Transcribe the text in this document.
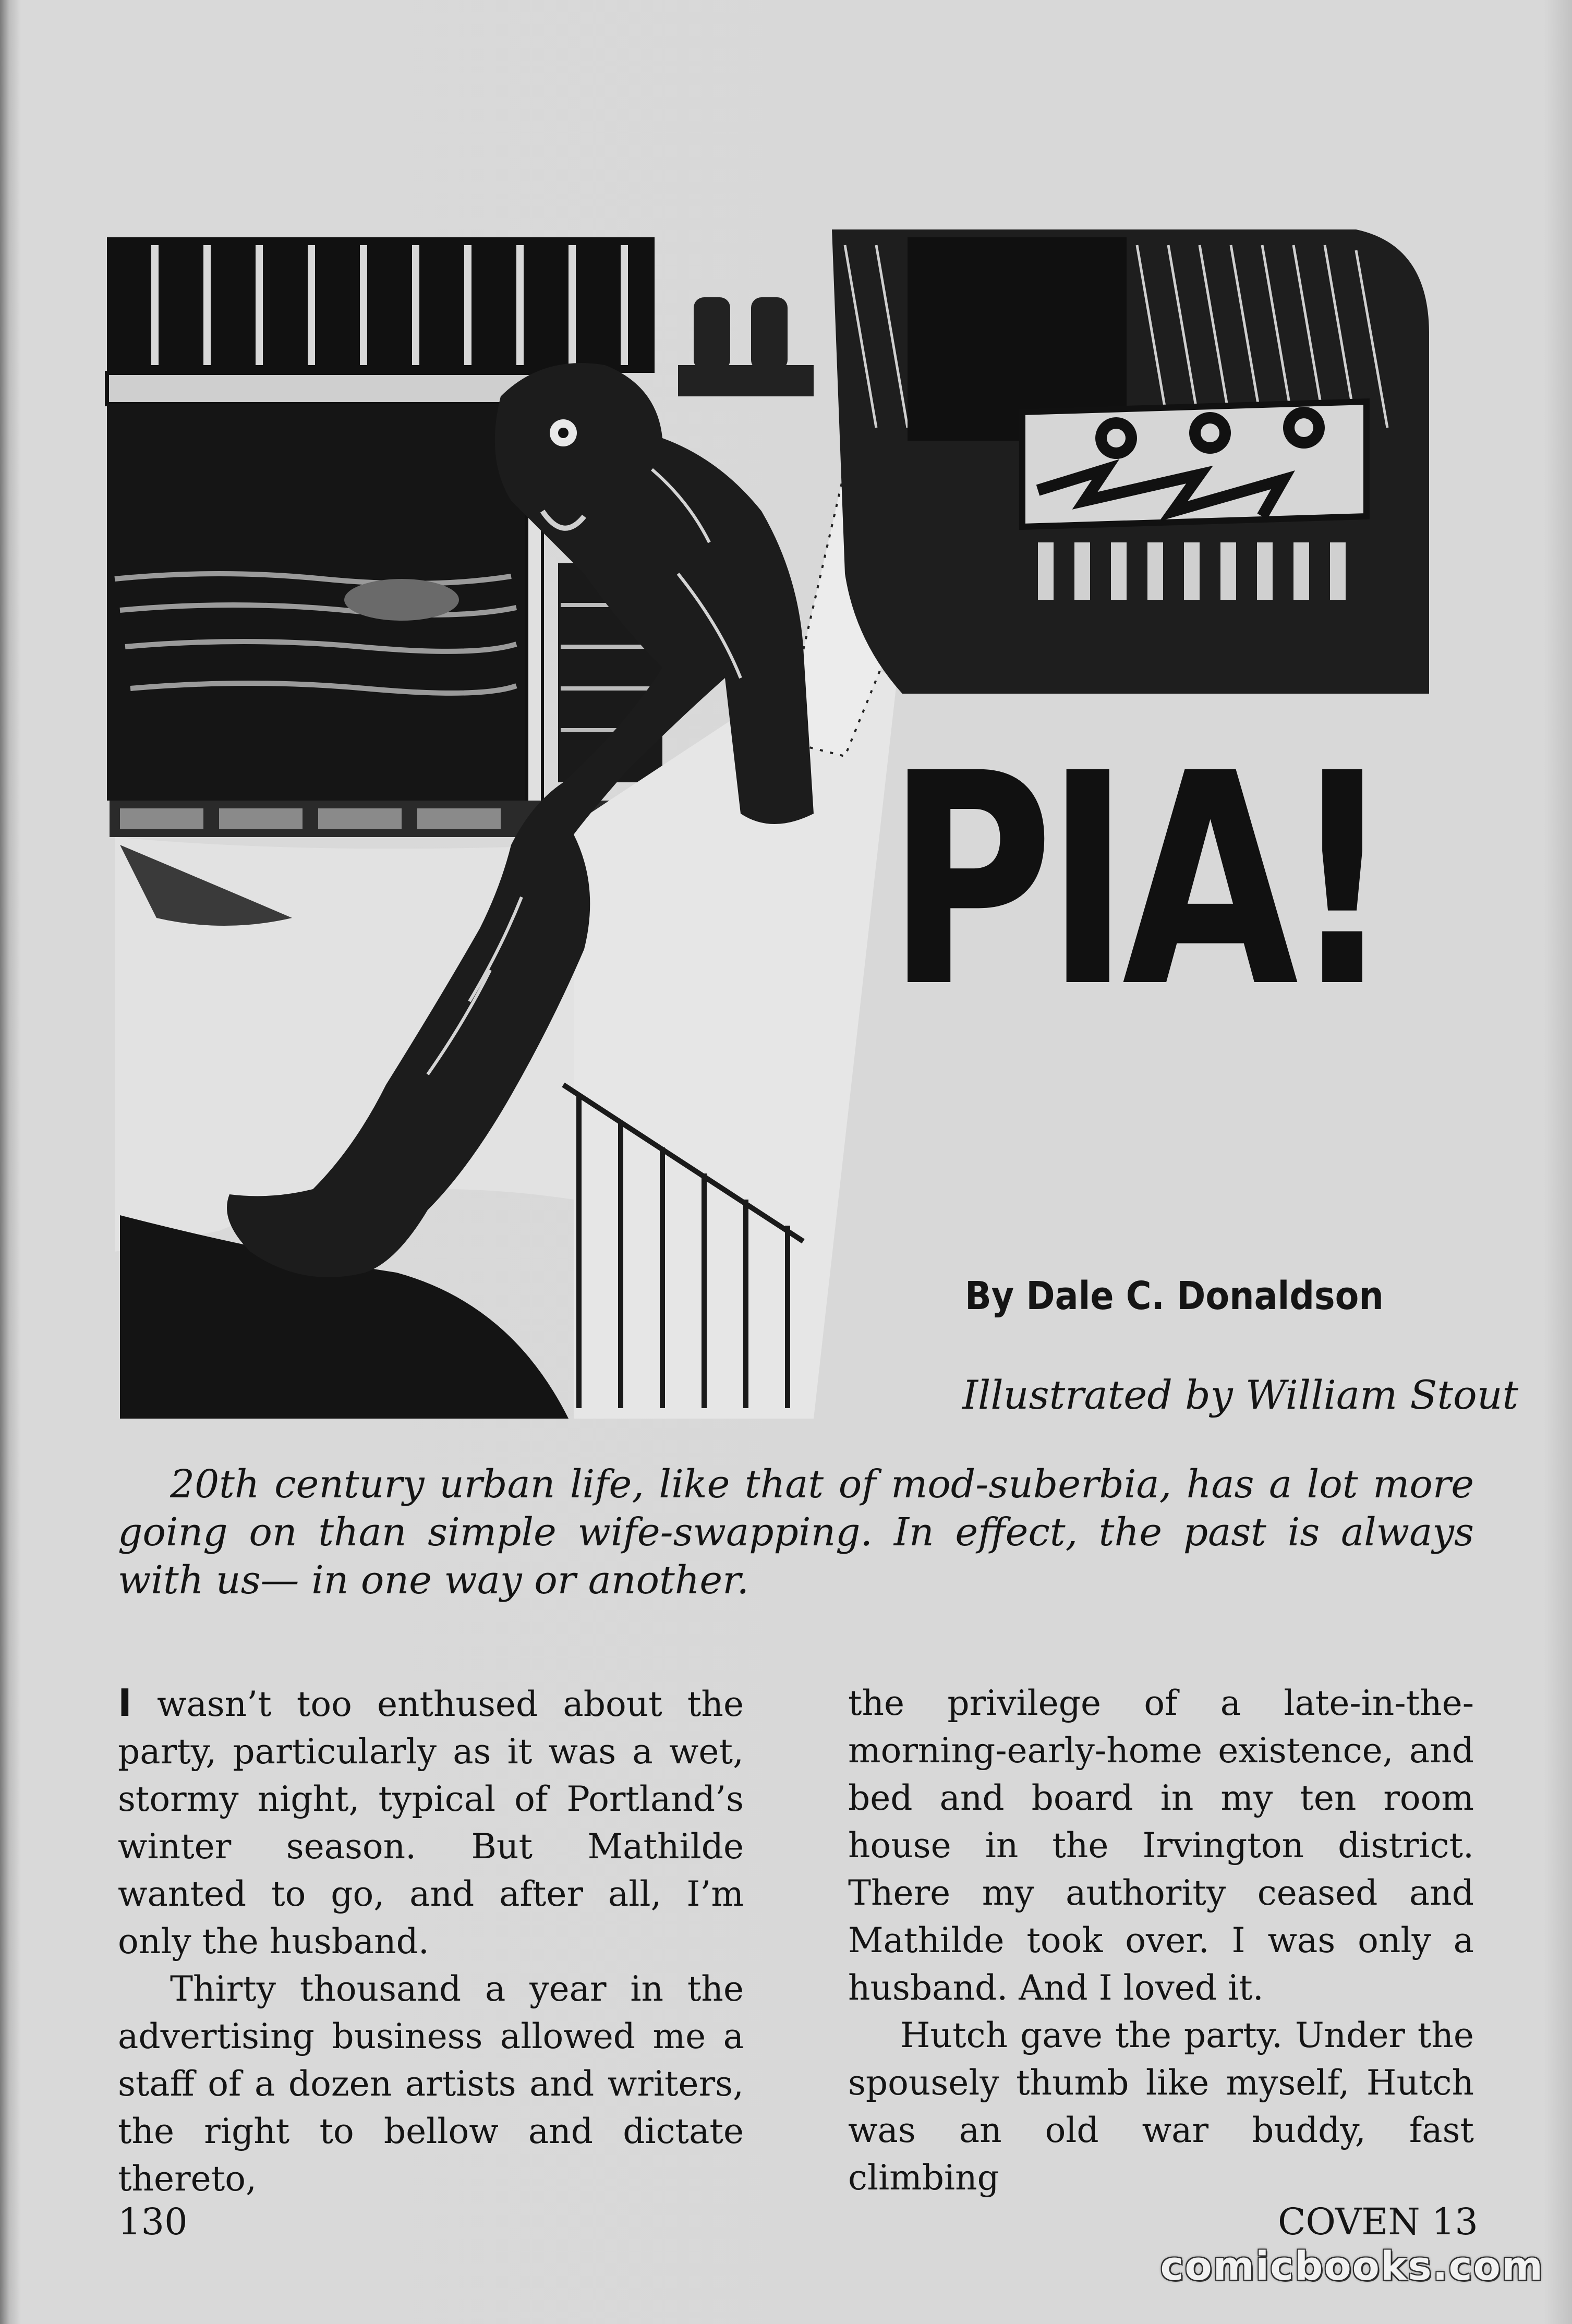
PIA!
By Dale C. Donaldson
Illustrated by William Stout
20th century urban life, like that of mod-suberbia, has a lot more going on than simple wife-swapping. In effect, the past is always with us— in one way or another.

I wasn’t too enthused about the party, particularly as it was a wet, stormy night, typical of Portland’s winter season. But Mathilde wanted to go, and after all, I’m only the husband.

Thirty thousand a year in the advertising business allowed me a staff of a dozen artists and writers, the right to bellow and dictate thereto,

the privilege of a late-in-the-morning-early-home existence, and bed and board in my ten room house in the Irvington district. There my authority ceased and Mathilde took over. I was only a husband. And I loved it.

Hutch gave the party. Under the spousely thumb like myself, Hutch was an old war buddy, fast climbing

130	COVEN 13
comicbooks.com
